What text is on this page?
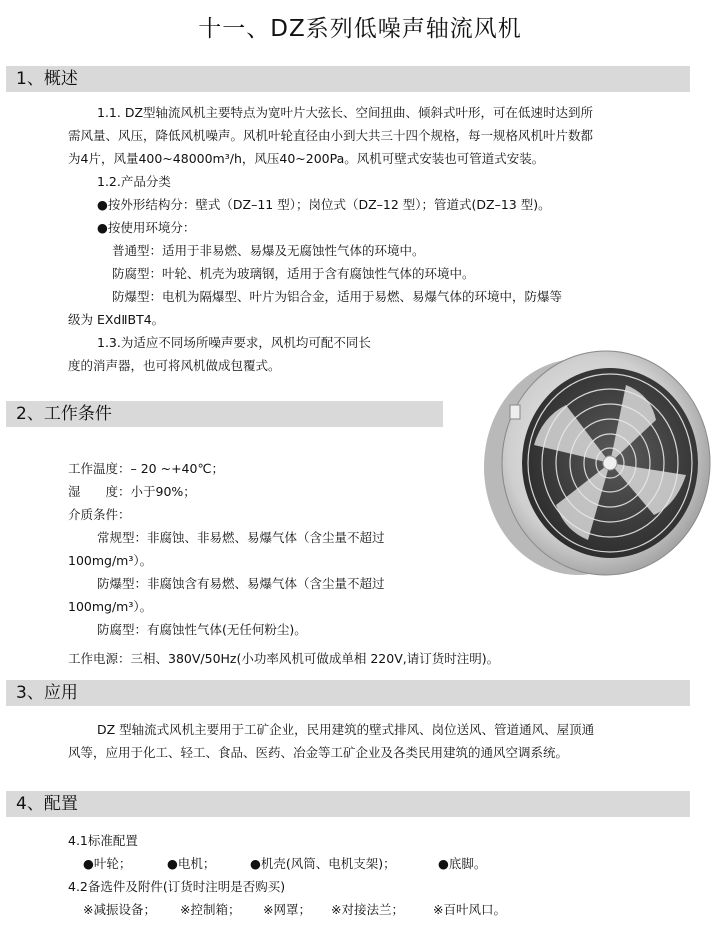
十一、DZ系列低噪声轴流风机
1、概述
1.1. DZ型轴流风机主要特点为宽叶片大弦长、空间扭曲、倾斜式叶形，可在低速时达到所
需风量、风压，降低风机噪声。风机叶轮直径由小到大共三十四个规格，每一规格风机叶片数都
为4片，风量400~48000m³/h，风压40~200Pa。风机可壁式安装也可管道式安装。
1.2.产品分类
●按外形结构分：壁式（DZ–11 型）；岗位式（DZ–12 型）；管道式(DZ–13 型)。
●按使用环境分：
普通型：适用于非易燃、易爆及无腐蚀性气体的环境中。
防腐型：叶轮、机壳为玻璃钢，适用于含有腐蚀性气体的环境中。
防爆型：电机为隔爆型、叶片为铝合金，适用于易燃、易爆气体的环境中，防爆等
级为 EXdⅡBT4。
1.3.为适应不同场所噪声要求，风机均可配不同长
度的消声器，也可将风机做成包覆式。
2、工作条件
工作温度：– 20 ~+40℃；
湿　　度：小于90%；
介质条件：
常规型：非腐蚀、非易燃、易爆气体（含尘量不超过
100mg/m³）。
防爆型：非腐蚀含有易燃、易爆气体（含尘量不超过
100mg/m³）。
防腐型：有腐蚀性气体(无任何粉尘)。
工作电源：三相、380V/50Hz(小功率风机可做成单相 220V,请订货时注明)。
3、应用
DZ 型轴流式风机主要用于工矿企业，民用建筑的壁式排风、岗位送风、管道通风、屋顶通
风等，应用于化工、轻工、食品、医药、冶金等工矿企业及各类民用建筑的通风空调系统。
4、配置
4.1标准配置
●叶轮；	●电机；	●机壳(风筒、电机支架)；	●底脚。
4.2备选件及附件(订货时注明是否购买)
※减振设备； ※控制箱； ※网罩； ※对接法兰； ※百叶风口。
